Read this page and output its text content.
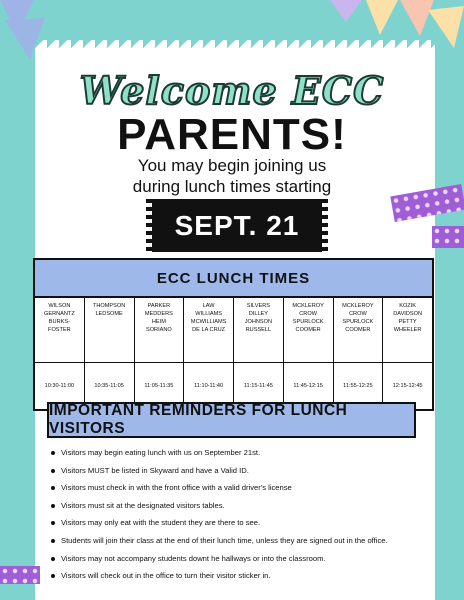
Welcome ECC
PARENTS!
You may begin joining us
during lunch times starting
SEPT. 21
ECC LUNCH TIMES
WILSON
GERNANTZ
BURKS-
FOSTER
10:30-11:00
THOMPSON
LEDSOME
10:35-11:05
PARKER
MEDDERS
HEIM
SORIANO
11:05-11:35
LAW
WILLIAMS
MCWILLIAMS
DE LA CRUZ
11:10-11:40
SILVERS
DILLEY
JOHNSON
RUSSELL
11:15-11:45
MCKLEROY
CROW
SPURLOCK
COOMER
11:45-12:15
MCKLEROY
CROW
SPURLOCK
COOMER
11:55-12:25
KOZIK
DAVIDSON
PETTY
WHEELER
12:15-12:45
IMPORTANT REMINDERS FOR LUNCH VISITORS
Visitors may begin eating lunch with us on September 21st.
Visitors MUST be listed in Skyward and have a Valid ID.
Visitors must check in with the front office with a valid driver's license
Visitors must sit at the designated visitors tables.
Visitors may only eat with the student they are there to see.
Students will join their class at the end of their lunch time, unless they are signed out in the office.
Visitors may not accompany students downt he hallways or into the classroom.
Visitors will check out in the office to turn their visitor sticker in.
